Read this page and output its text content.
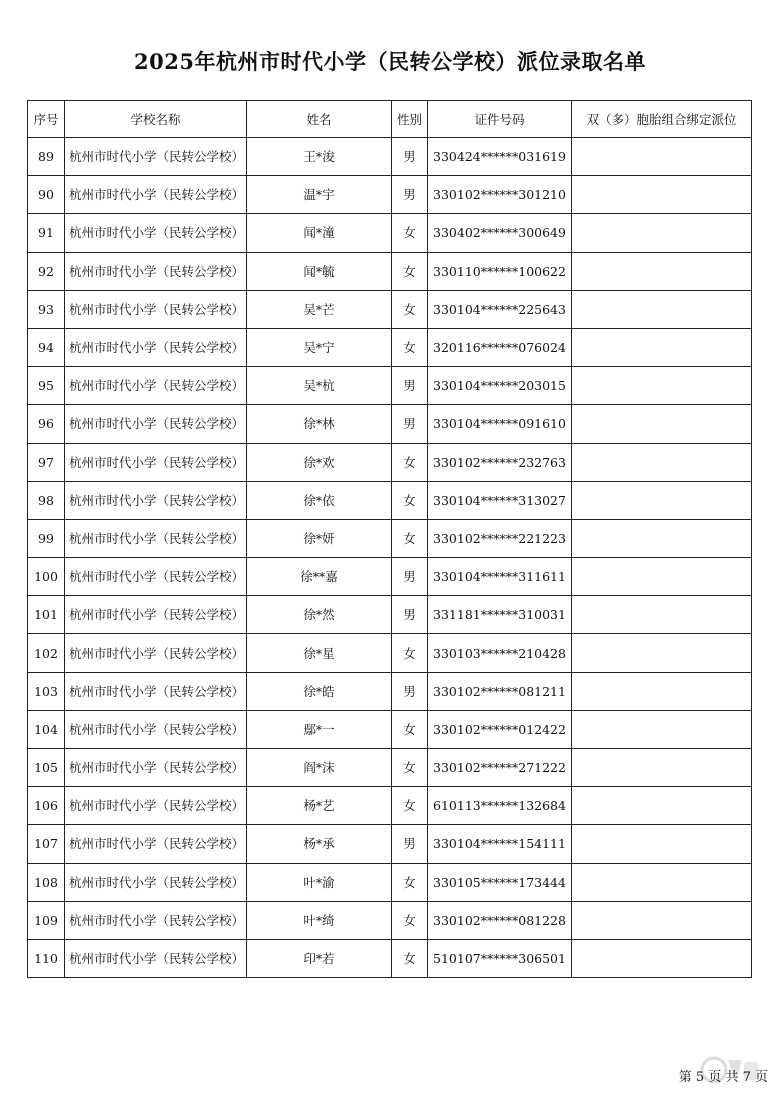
2025年杭州市时代小学（民转公学校）派位录取名单
序号	学校名称	姓名	性别	证件号码	双（多）胞胎组合绑定派位
89	杭州市时代小学（民转公学校）	王*浚	男	330424******031619	
90	杭州市时代小学（民转公学校）	温*宇	男	330102******301210	
91	杭州市时代小学（民转公学校）	闻*潼	女	330402******300649	
92	杭州市时代小学（民转公学校）	闻*毓	女	330110******100622	
93	杭州市时代小学（民转公学校）	吴*芒	女	330104******225643	
94	杭州市时代小学（民转公学校）	吴*宁	女	320116******076024	
95	杭州市时代小学（民转公学校）	吴*杭	男	330104******203015	
96	杭州市时代小学（民转公学校）	徐*林	男	330104******091610	
97	杭州市时代小学（民转公学校）	徐*欢	女	330102******232763	
98	杭州市时代小学（民转公学校）	徐*依	女	330104******313027	
99	杭州市时代小学（民转公学校）	徐*妍	女	330102******221223	
100	杭州市时代小学（民转公学校）	徐**嘉	男	330104******311611	
101	杭州市时代小学（民转公学校）	徐*然	男	331181******310031	
102	杭州市时代小学（民转公学校）	徐*星	女	330103******210428	
103	杭州市时代小学（民转公学校）	徐*皓	男	330102******081211	
104	杭州市时代小学（民转公学校）	鄢*一	女	330102******012422	
105	杭州市时代小学（民转公学校）	阎*沫	女	330102******271222	
106	杭州市时代小学（民转公学校）	杨*艺	女	610113******132684	
107	杭州市时代小学（民转公学校）	杨*承	男	330104******154111	
108	杭州市时代小学（民转公学校）	叶*渝	女	330105******173444	
109	杭州市时代小学（民转公学校）	叶*绮	女	330102******081228	
110	杭州市时代小学（民转公学校）	印*若	女	510107******306501	
第 5 页 共 7 页
